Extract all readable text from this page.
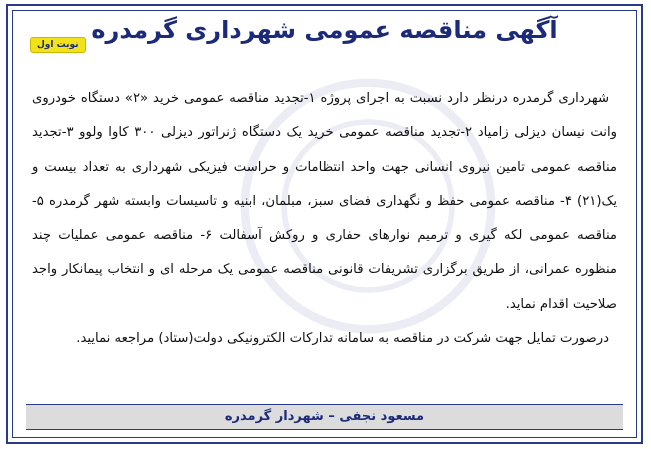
آگهی مناقصه عمومی شهرداری گرمدره
نوبت اول

شهرداری گرمدره درنظر دارد نسبت به اجرای پروژه ۱-تجدید مناقصه عمومی خرید «۲» دستگاه خودروی وانت نیسان دیزلی زامیاد ۲-تجدید مناقصه عمومی خرید یک دستگاه ژنراتور دیزلی ۳۰۰ کاوا ولوو ۳-تجدید مناقصه عمومی تامین نیروی انسانی جهت واحد انتظامات و حراست فیزیکی شهرداری به تعداد بیست و یک(۲۱) ۴- مناقصه عمومی حفظ و نگهداری فضای سبز، مبلمان، ابنیه و تاسیسات وابسته شهر گرمدره ۵- مناقصه عمومی لکه گیری و ترمیم نوارهای حفاری و روکش آسفالت ۶- مناقصه عمومی عملیات چند منظوره عمرانی، از طریق برگزاری تشریفات قانونی مناقصه عمومی یک مرحله ای و انتخاب پیمانکار واجد صلاحیت اقدام نماید.

درصورت تمایل جهت شرکت در مناقصه به سامانه تدارکات الکترونیکی دولت(ستاد) مراجعه نمایید.

مسعود نجفی – شهردار گرمدره
